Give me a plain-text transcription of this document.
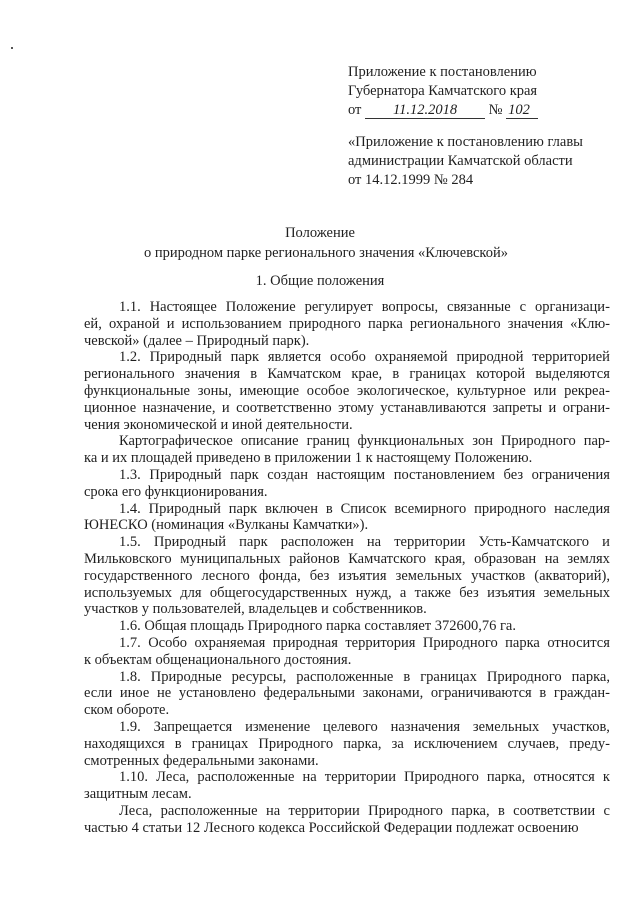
Приложение к постановлению
Губернатора Камчатского края
от 11.12.2018 № 102
«Приложение к постановлению главы
администрации Камчатской области
от 14.12.1999 № 284
Положение
о природном парке регионального значения «Ключевской»
1. Общие положения
1.1. Настоящее Положение регулирует вопросы, связанные с организаци-
ей, охраной и использованием природного парка регионального значения «Клю-
чевской» (далее – Природный парк).
1.2. Природный парк является особо охраняемой природной территорией
регионального значения в Камчатском крае, в границах которой выделяются
функциональные зоны, имеющие особое экологическое, культурное или рекреа-
ционное назначение, и соответственно этому устанавливаются запреты и ограни-
чения экономической и иной деятельности.
Картографическое описание границ функциональных зон Природного пар-
ка и их площадей приведено в приложении 1 к настоящему Положению.
1.3. Природный парк создан настоящим постановлением без ограничения
срока его функционирования.
1.4. Природный парк включен в Список всемирного природного наследия
ЮНЕСКО (номинация «Вулканы Камчатки»).
1.5. Природный парк расположен на территории Усть-Камчатского и
Мильковского муниципальных районов Камчатского края, образован на землях
государственного лесного фонда, без изъятия земельных участков (акваторий),
используемых для общегосударственных нужд, а также без изъятия земельных
участков у пользователей, владельцев и собственников.
1.6. Общая площадь Природного парка составляет 372600,76 га.
1.7. Особо охраняемая природная территория Природного парка относится
к объектам общенационального достояния.
1.8. Природные ресурсы, расположенные в границах Природного парка,
если иное не установлено федеральными законами, ограничиваются в граждан-
ском обороте.
1.9. Запрещается изменение целевого назначения земельных участков,
находящихся в границах Природного парка, за исключением случаев, преду-
смотренных федеральными законами.
1.10. Леса, расположенные на территории Природного парка, относятся к
защитным лесам.
Леса, расположенные на территории Природного парка, в соответствии с
частью 4 статьи 12 Лесного кодекса Российской Федерации подлежат освоению
